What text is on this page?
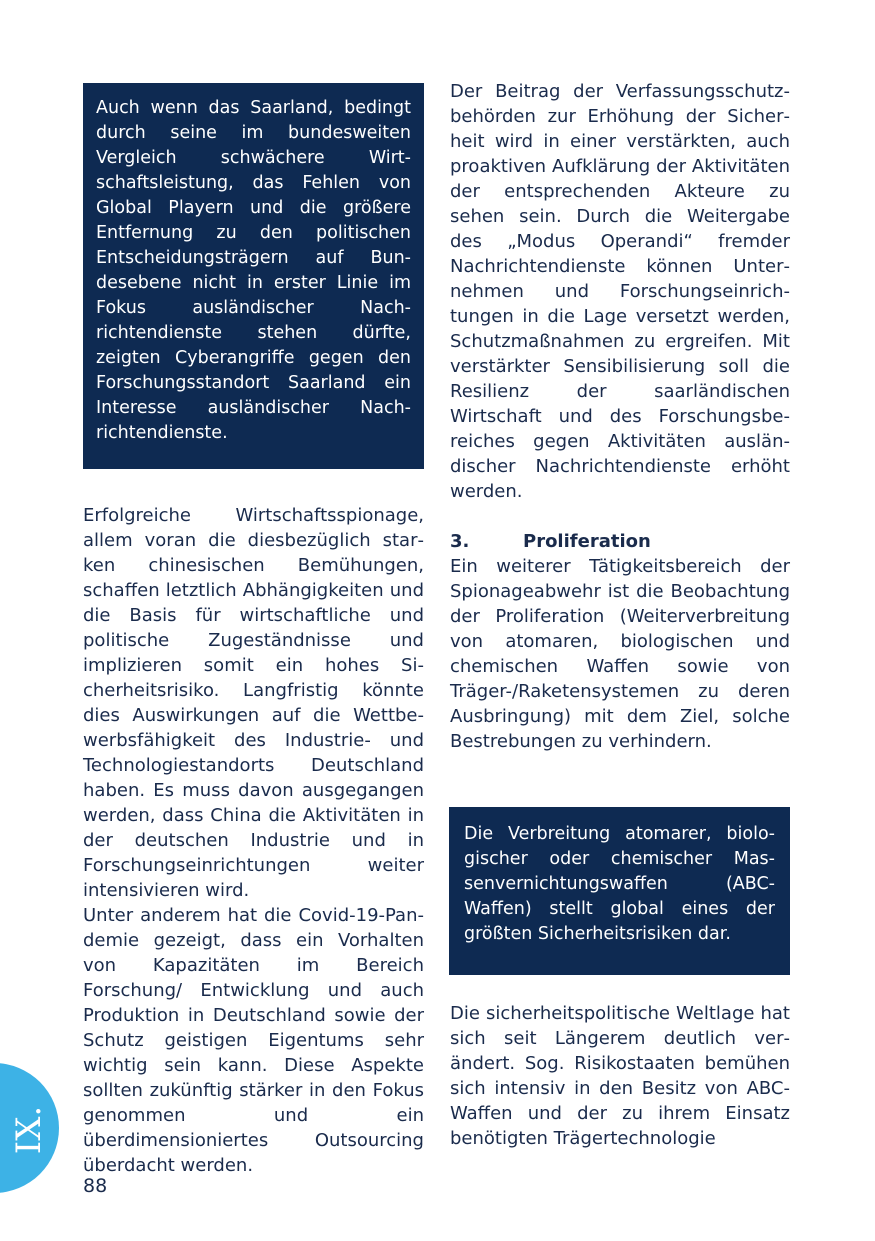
Auch wenn das Saarland, bedingt durch seine im bundesweiten Vergleich schwächere Wirtschaftsleistung, das Fehlen von Global Playern und die größere Entfernung zu den politischen Entscheidungsträgern auf Bundesebene nicht in erster Linie im Fokus ausländischer Nachrichtendienste stehen dürfte, zeigten Cyberangriffe gegen den Forschungsstandort Saarland ein Interesse ausländischer Nachrichtendienste.

Erfolgreiche Wirtschaftsspionage, allem voran die diesbezüglich starken chinesischen Bemühungen, schaffen letztlich Abhängigkeiten und die Basis für wirtschaftliche und politische Zugeständnisse und implizieren somit ein hohes Sicherheitsrisiko. Langfristig könnte dies Auswirkungen auf die Wettbewerbsfähigkeit des Industrie- und Technologiestandorts Deutschland haben. Es muss davon ausgegangen werden, dass China die Aktivitäten in der deutschen Industrie und in Forschungseinrichtungen weiter intensivieren wird.

Unter anderem hat die Covid-19-Pandemie gezeigt, dass ein Vorhalten von Kapazitäten im Bereich Forschung/ Entwicklung und auch Produktion in Deutschland sowie der Schutz geistigen Eigentums sehr wichtig sein kann. Diese Aspekte sollten zukünftig stärker in den Fokus genommen und ein überdimensioniertes Outsourcing überdacht werden.

Der Beitrag der Verfassungsschutzbehörden zur Erhöhung der Sicherheit wird in einer verstärkten, auch proaktiven Aufklärung der Aktivitäten der entsprechenden Akteure zu sehen sein. Durch die Weitergabe des „Modus Operandi“ fremder Nachrichtendienste können Unternehmen und Forschungseinrichtungen in die Lage versetzt werden, Schutzmaßnahmen zu ergreifen. Mit verstärkter Sensibilisierung soll die Resilienz der saarländischen Wirtschaft und des Forschungsbereiches gegen Aktivitäten ausländischer Nachrichtendienste erhöht werden.

3.	Proliferation

Ein weiterer Tätigkeitsbereich der Spionageabwehr ist die Beobachtung der Proliferation (Weiterverbreitung von atomaren, biologischen und chemischen Waffen sowie von Träger-/Raketensystemen zu deren Ausbringung) mit dem Ziel, solche Bestrebungen zu verhindern.

Die Verbreitung atomarer, biologischer oder chemischer Massenvernichtungswaffen (ABC-Waffen) stellt global eines der größten Sicherheitsrisiken dar.

Die sicherheitspolitische Weltlage hat sich seit Längerem deutlich verändert. Sog. Risikostaaten bemühen sich intensiv in den Besitz von ABC-Waffen und der zu ihrem Einsatz benötigten Trägertechnologie

IX.
88
